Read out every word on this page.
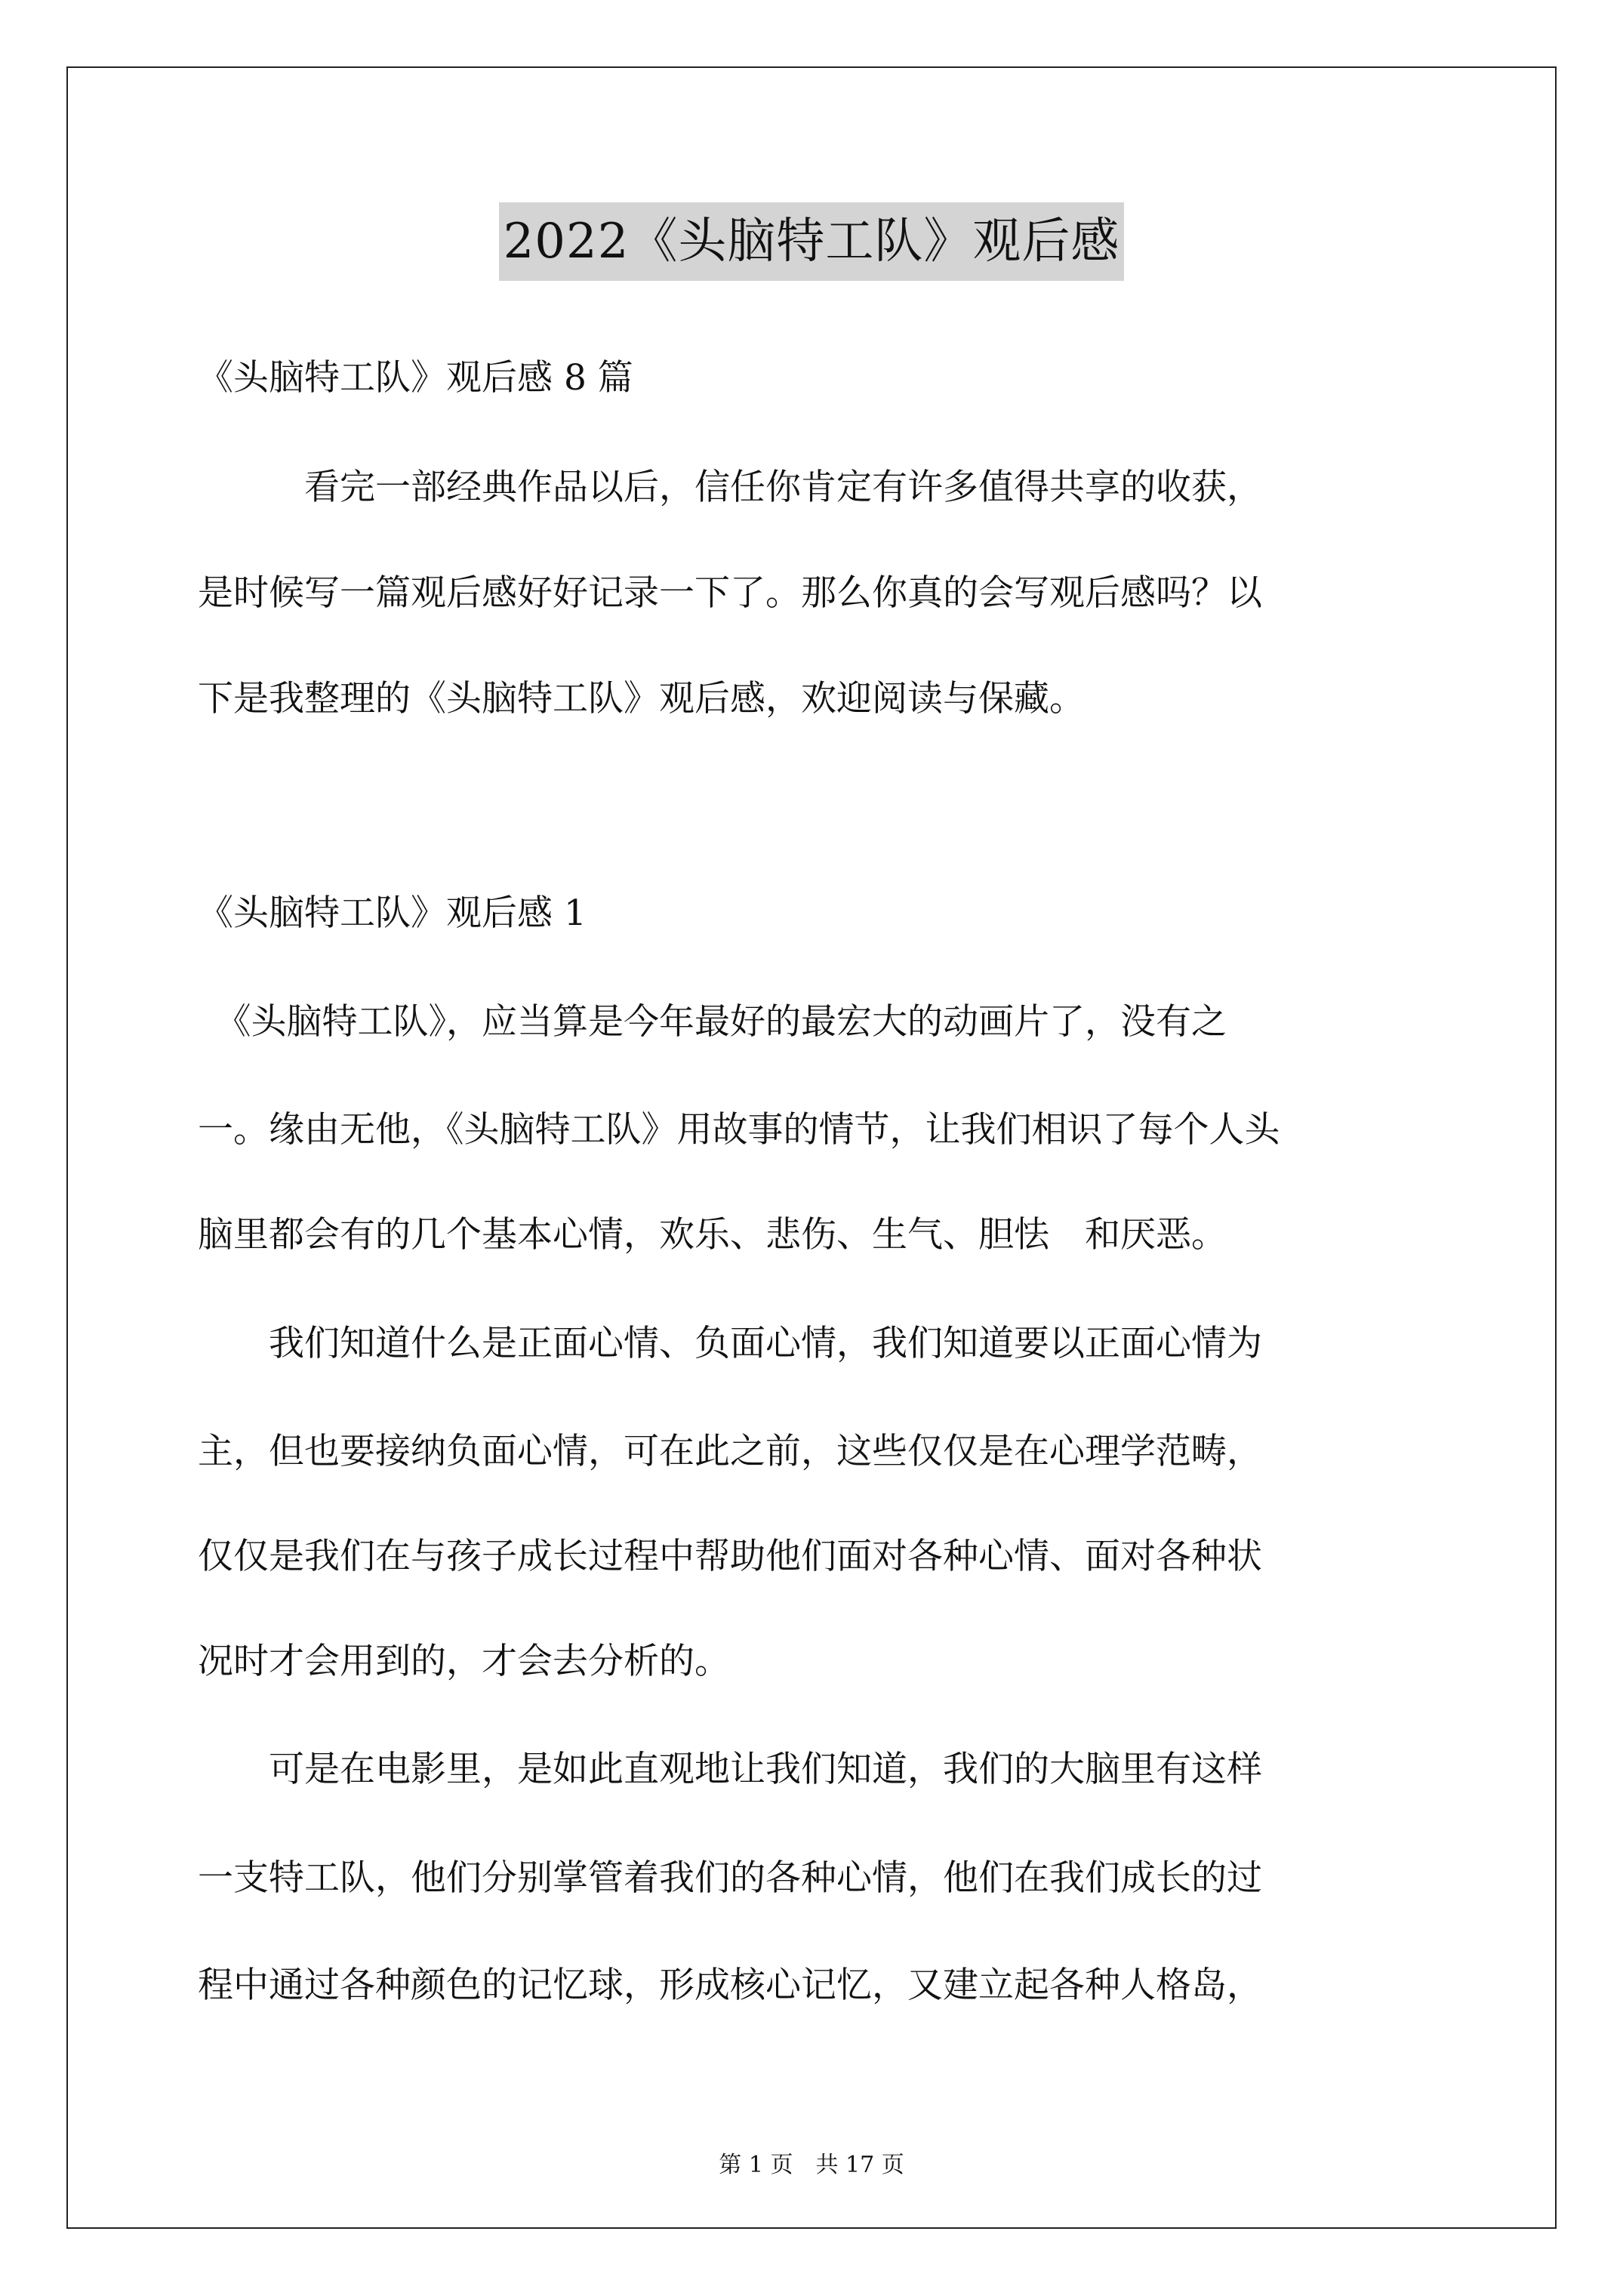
2022《头脑特工队》观后感
《头脑特工队》观后感 8 篇
　　　看完一部经典作品以后，信任你肯定有许多值得共享的收获，
是时候写一篇观后感好好记录一下了。那么你真的会写观后感吗？以
下是我整理的《头脑特工队》观后感，欢迎阅读与保藏。
《头脑特工队》观后感 1
　《头脑特工队》，应当算是今年最好的最宏大的动画片了，没有之
一。缘由无他，《头脑特工队》用故事的情节，让我们相识了每个人头
脑里都会有的几个基本心情，欢乐、悲伤、生气、胆怯　和厌恶。
　　我们知道什么是正面心情、负面心情，我们知道要以正面心情为
主，但也要接纳负面心情，可在此之前，这些仅仅是在心理学范畴，
仅仅是我们在与孩子成长过程中帮助他们面对各种心情、面对各种状
况时才会用到的，才会去分析的。
　　可是在电影里，是如此直观地让我们知道，我们的大脑里有这样
一支特工队，他们分别掌管着我们的各种心情，他们在我们成长的过
程中通过各种颜色的记忆球，形成核心记忆，又建立起各种人格岛，
第 1 页　共 17 页
